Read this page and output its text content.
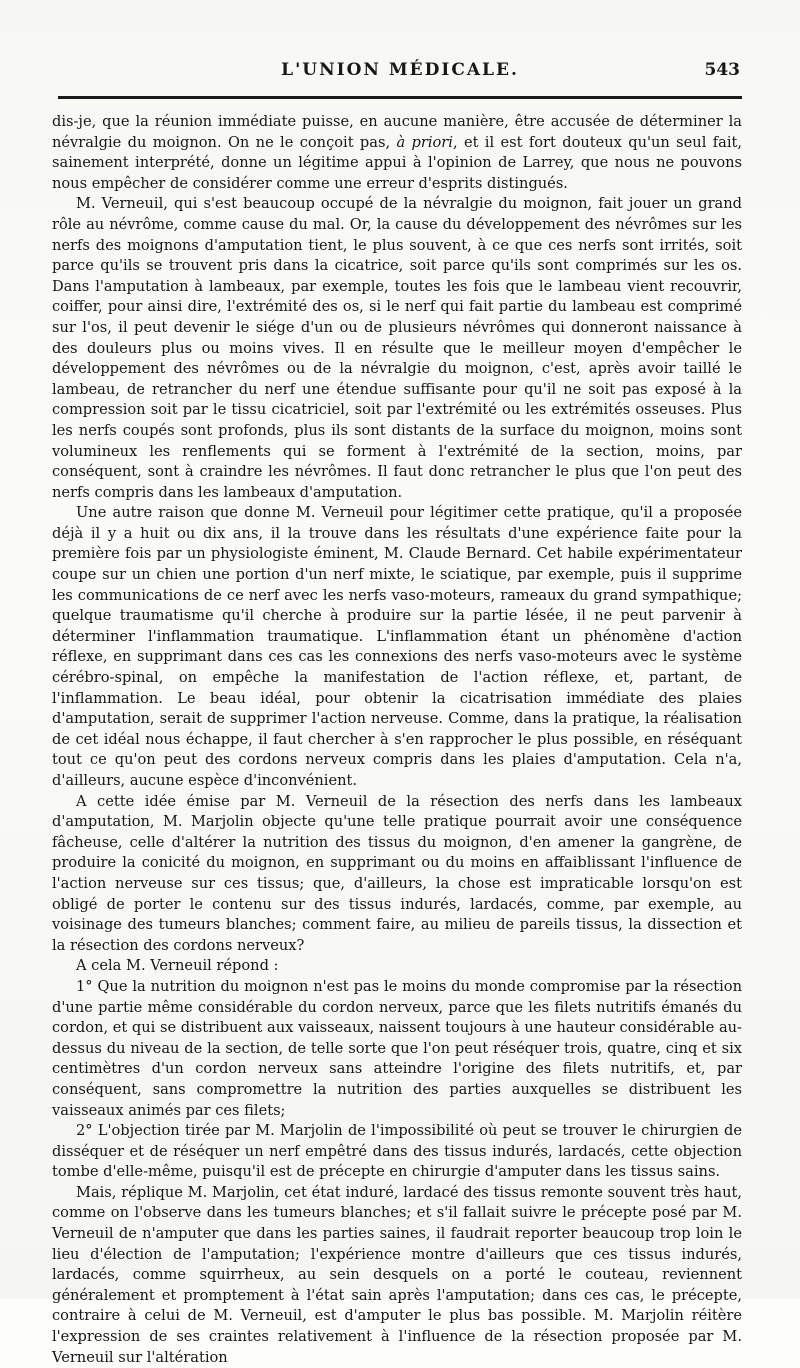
L'UNION MÉDICALE.	543

dis-je, que la réunion immédiate puisse, en aucune manière, être accusée de déterminer la névralgie du moignon. On ne le conçoit pas, à priori, et il est fort douteux qu'un seul fait, sainement interprété, donne un légitime appui à l'opinion de Larrey, que nous ne pouvons nous empêcher de considérer comme une erreur d'esprits distingués.

M. Verneuil, qui s'est beaucoup occupé de la névralgie du moignon, fait jouer un grand rôle au névrôme, comme cause du mal. Or, la cause du développement des névrômes sur les nerfs des moignons d'amputation tient, le plus souvent, à ce que ces nerfs sont irrités, soit parce qu'ils se trouvent pris dans la cicatrice, soit parce qu'ils sont comprimés sur les os. Dans l'amputation à lambeaux, par exemple, toutes les fois que le lambeau vient recouvrir, coiffer, pour ainsi dire, l'extrémité des os, si le nerf qui fait partie du lambeau est comprimé sur l'os, il peut devenir le siége d'un ou de plusieurs névrômes qui donneront naissance à des douleurs plus ou moins vives. Il en résulte que le meilleur moyen d'empêcher le développement des névrômes ou de la névralgie du moignon, c'est, après avoir taillé le lambeau, de retrancher du nerf une étendue suffisante pour qu'il ne soit pas exposé à la compression soit par le tissu cicatriciel, soit par l'extrémité ou les extrémités osseuses. Plus les nerfs coupés sont profonds, plus ils sont distants de la surface du moignon, moins sont volumineux les renflements qui se forment à l'extrémité de la section, moins, par conséquent, sont à craindre les névrômes. Il faut donc retrancher le plus que l'on peut des nerfs compris dans les lambeaux d'amputation.

Une autre raison que donne M. Verneuil pour légitimer cette pratique, qu'il a proposée déjà il y a huit ou dix ans, il la trouve dans les résultats d'une expérience faite pour la première fois par un physiologiste éminent, M. Claude Bernard. Cet habile expérimentateur coupe sur un chien une portion d'un nerf mixte, le sciatique, par exemple, puis il supprime les communications de ce nerf avec les nerfs vaso-moteurs, rameaux du grand sympathique; quelque traumatisme qu'il cherche à produire sur la partie lésée, il ne peut parvenir à déterminer l'inflammation traumatique. L'inflammation étant un phénomène d'action réflexe, en supprimant dans ces cas les connexions des nerfs vaso-moteurs avec le système cérébro-spinal, on empêche la manifestation de l'action réflexe, et, partant, de l'inflammation. Le beau idéal, pour obtenir la cicatrisation immédiate des plaies d'amputation, serait de supprimer l'action nerveuse. Comme, dans la pratique, la réalisation de cet idéal nous échappe, il faut chercher à s'en rapprocher le plus possible, en réséquant tout ce qu'on peut des cordons nerveux compris dans les plaies d'amputation. Cela n'a, d'ailleurs, aucune espèce d'inconvénient.

A cette idée émise par M. Verneuil de la résection des nerfs dans les lambeaux d'amputation, M. Marjolin objecte qu'une telle pratique pourrait avoir une conséquence fâcheuse, celle d'altérer la nutrition des tissus du moignon, d'en amener la gangrène, de produire la conicité du moignon, en supprimant ou du moins en affaiblissant l'influence de l'action nerveuse sur ces tissus; que, d'ailleurs, la chose est impraticable lorsqu'on est obligé de porter le contenu sur des tissus indurés, lardacés, comme, par exemple, au voisinage des tumeurs blanches; comment faire, au milieu de pareils tissus, la dissection et la résection des cordons nerveux?

A cela M. Verneuil répond :

1° Que la nutrition du moignon n'est pas le moins du monde compromise par la résection d'une partie même considérable du cordon nerveux, parce que les filets nutritifs émanés du cordon, et qui se distribuent aux vaisseaux, naissent toujours à une hauteur considérable au-dessus du niveau de la section, de telle sorte que l'on peut réséquer trois, quatre, cinq et six centimètres d'un cordon nerveux sans atteindre l'origine des filets nutritifs, et, par conséquent, sans compromettre la nutrition des parties auxquelles se distribuent les vaisseaux animés par ces filets;

2° L'objection tirée par M. Marjolin de l'impossibilité où peut se trouver le chirurgien de disséquer et de réséquer un nerf empêtré dans des tissus indurés, lardacés, cette objection tombe d'elle-même, puisqu'il est de précepte en chirurgie d'amputer dans les tissus sains.

Mais, réplique M. Marjolin, cet état induré, lardacé des tissus remonte souvent très haut, comme on l'observe dans les tumeurs blanches; et s'il fallait suivre le précepte posé par M. Verneuil de n'amputer que dans les parties saines, il faudrait reporter beaucoup trop loin le lieu d'élection de l'amputation; l'expérience montre d'ailleurs que ces tissus indurés, lardacés, comme squirrheux, au sein desquels on a porté le couteau, reviennent généralement et promptement à l'état sain après l'amputation; dans ces cas, le précepte, contraire à celui de M. Verneuil, est d'amputer le plus bas possible. M. Marjolin réitère l'expression de ses craintes relativement à l'influence de la résection proposée par M. Verneuil sur l'altération
